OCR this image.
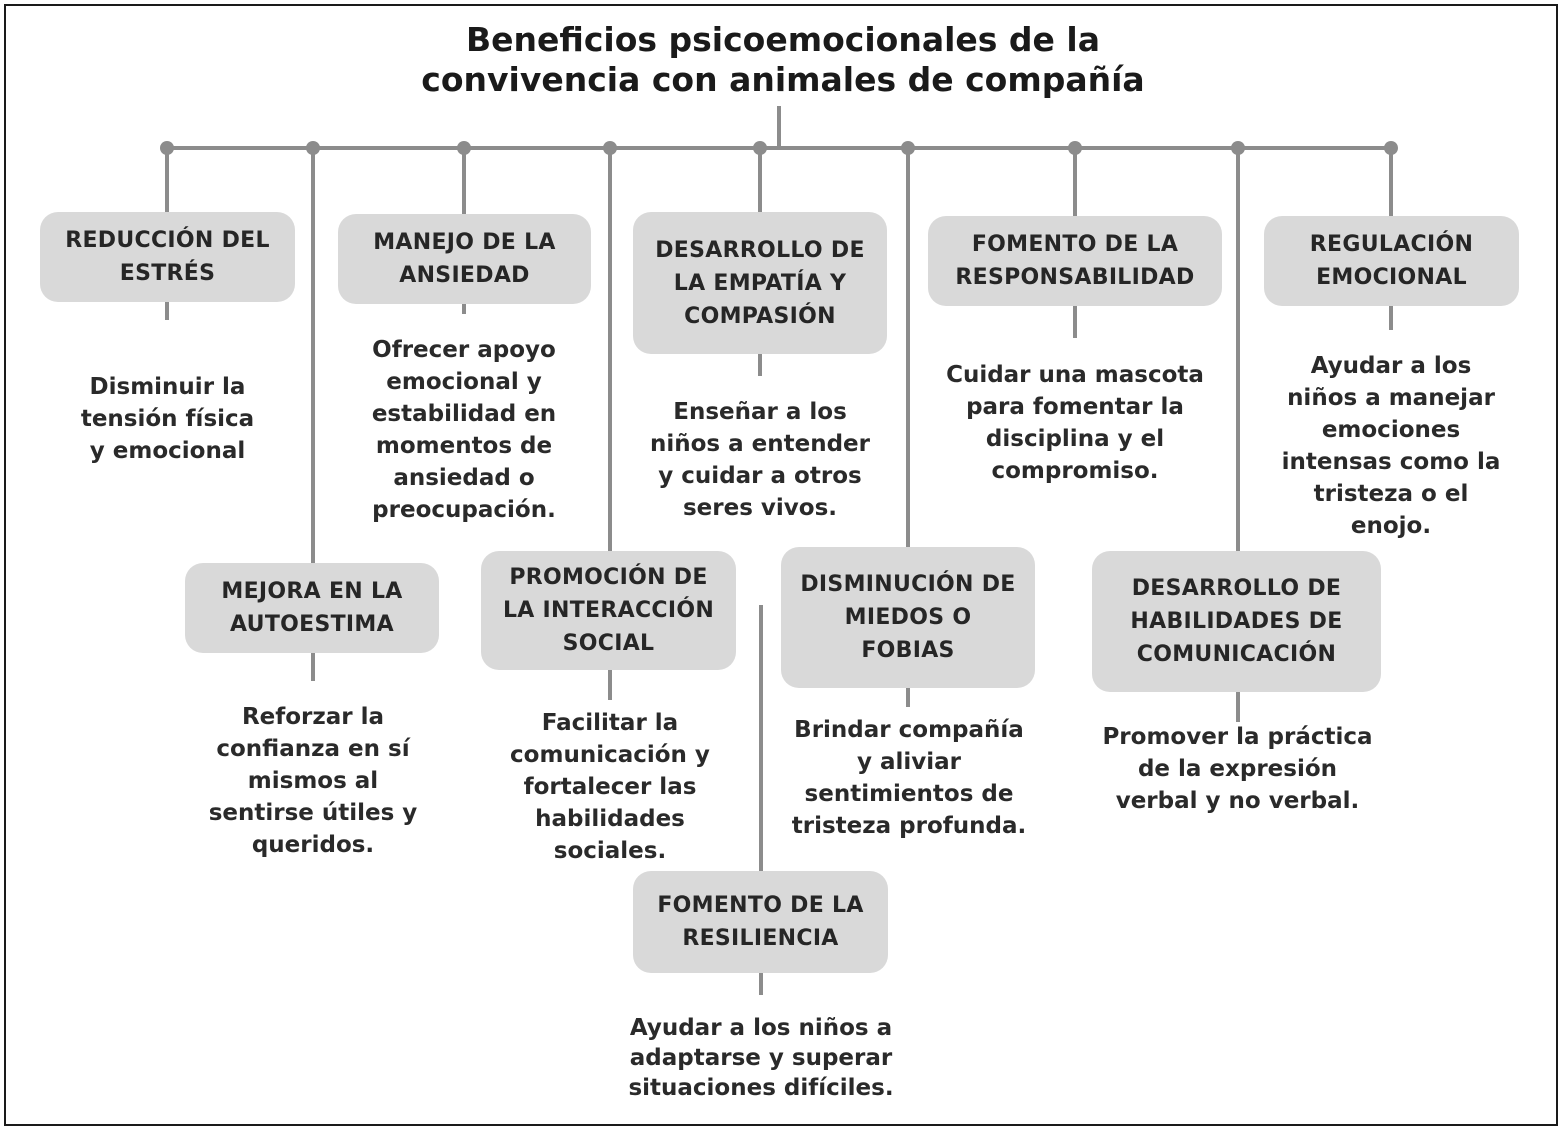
Beneficios psicoemocionales de la
convivencia con animales de compañía
REDUCCIÓN DEL
ESTRÉS
MANEJO DE LA
ANSIEDAD
DESARROLLO DE
LA EMPATÍA Y
COMPASIÓN
FOMENTO DE LA
RESPONSABILIDAD
REGULACIÓN
EMOCIONAL
Disminuir la
tensión física
y emocional
Ofrecer apoyo
emocional y
estabilidad en
momentos de
ansiedad o
preocupación.
Enseñar a los
niños a entender
y cuidar a otros
seres vivos.
Cuidar una mascota
para fomentar la
disciplina y el
compromiso.
Ayudar a los
niños a manejar
emociones
intensas como la
tristeza o el
enojo.
MEJORA EN LA
AUTOESTIMA
PROMOCIÓN DE
LA INTERACCIÓN
SOCIAL
DISMINUCIÓN DE
MIEDOS O
FOBIAS
DESARROLLO DE
HABILIDADES DE
COMUNICACIÓN
Reforzar la
confianza en sí
mismos al
sentirse útiles y
queridos.
Facilitar la
comunicación y
fortalecer las
habilidades
sociales.
Brindar compañía
y aliviar
sentimientos de
tristeza profunda.
Promover la práctica
de la expresión
verbal y no verbal.
FOMENTO DE LA
RESILIENCIA
Ayudar a los niños a
adaptarse y superar
situaciones difíciles.
